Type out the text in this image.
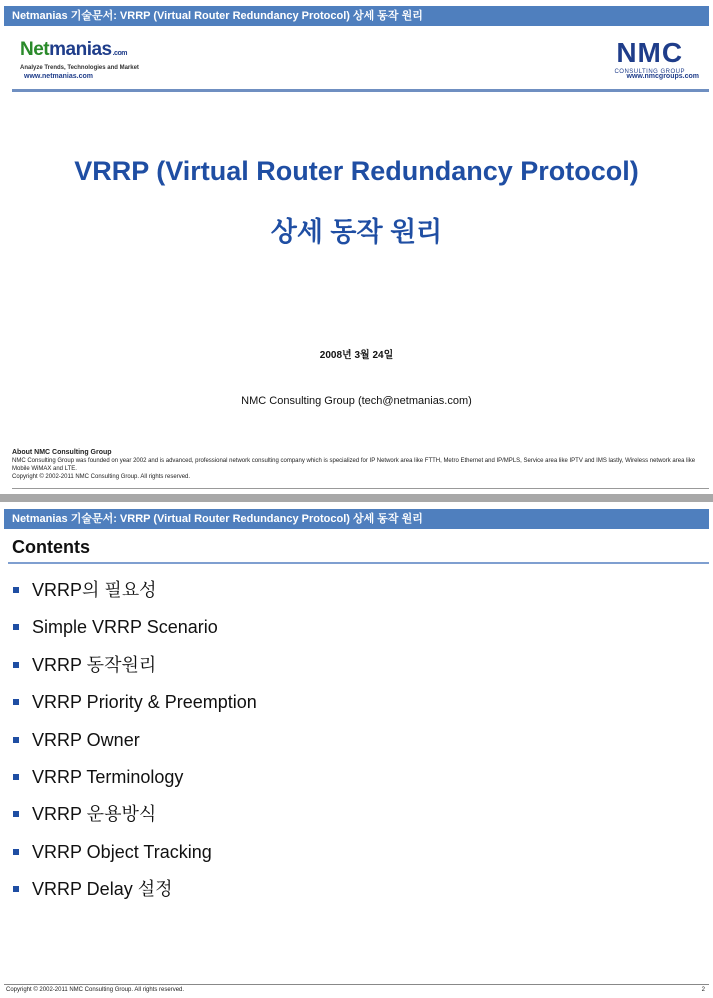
Netmanias 기술문서: VRRP (Virtual Router Redundancy Protocol) 상세 동작 원리
Netmanias.com
Analyze Trends, Technologies and Market
www.netmanias.com
NMC
CONSULTING GROUP
www.nmcgroups.com
VRRP (Virtual Router Redundancy Protocol)
상세 동작 원리
2008년 3월 24일
NMC Consulting Group (tech@netmanias.com)
About NMC Consulting Group
NMC Consulting Group was founded on year 2002 and is advanced, professional network consulting company which is specialized for IP Network area like FTTH, Metro Ethernet and IP/MPLS, Service area like IPTV and IMS lastly, Wireless network area like Mobile WiMAX and LTE.
Copyright © 2002-2011 NMC Consulting Group. All rights reserved.
Netmanias 기술문서: VRRP (Virtual Router Redundancy Protocol) 상세 동작 원리
Contents
VRRP의 필요성
Simple VRRP Scenario
VRRP 동작원리
VRRP Priority & Preemption
VRRP Owner
VRRP Terminology
VRRP 운용방식
VRRP Object Tracking
VRRP Delay 설정
Copyright © 2002-2011 NMC Consulting Group. All rights reserved.	2
